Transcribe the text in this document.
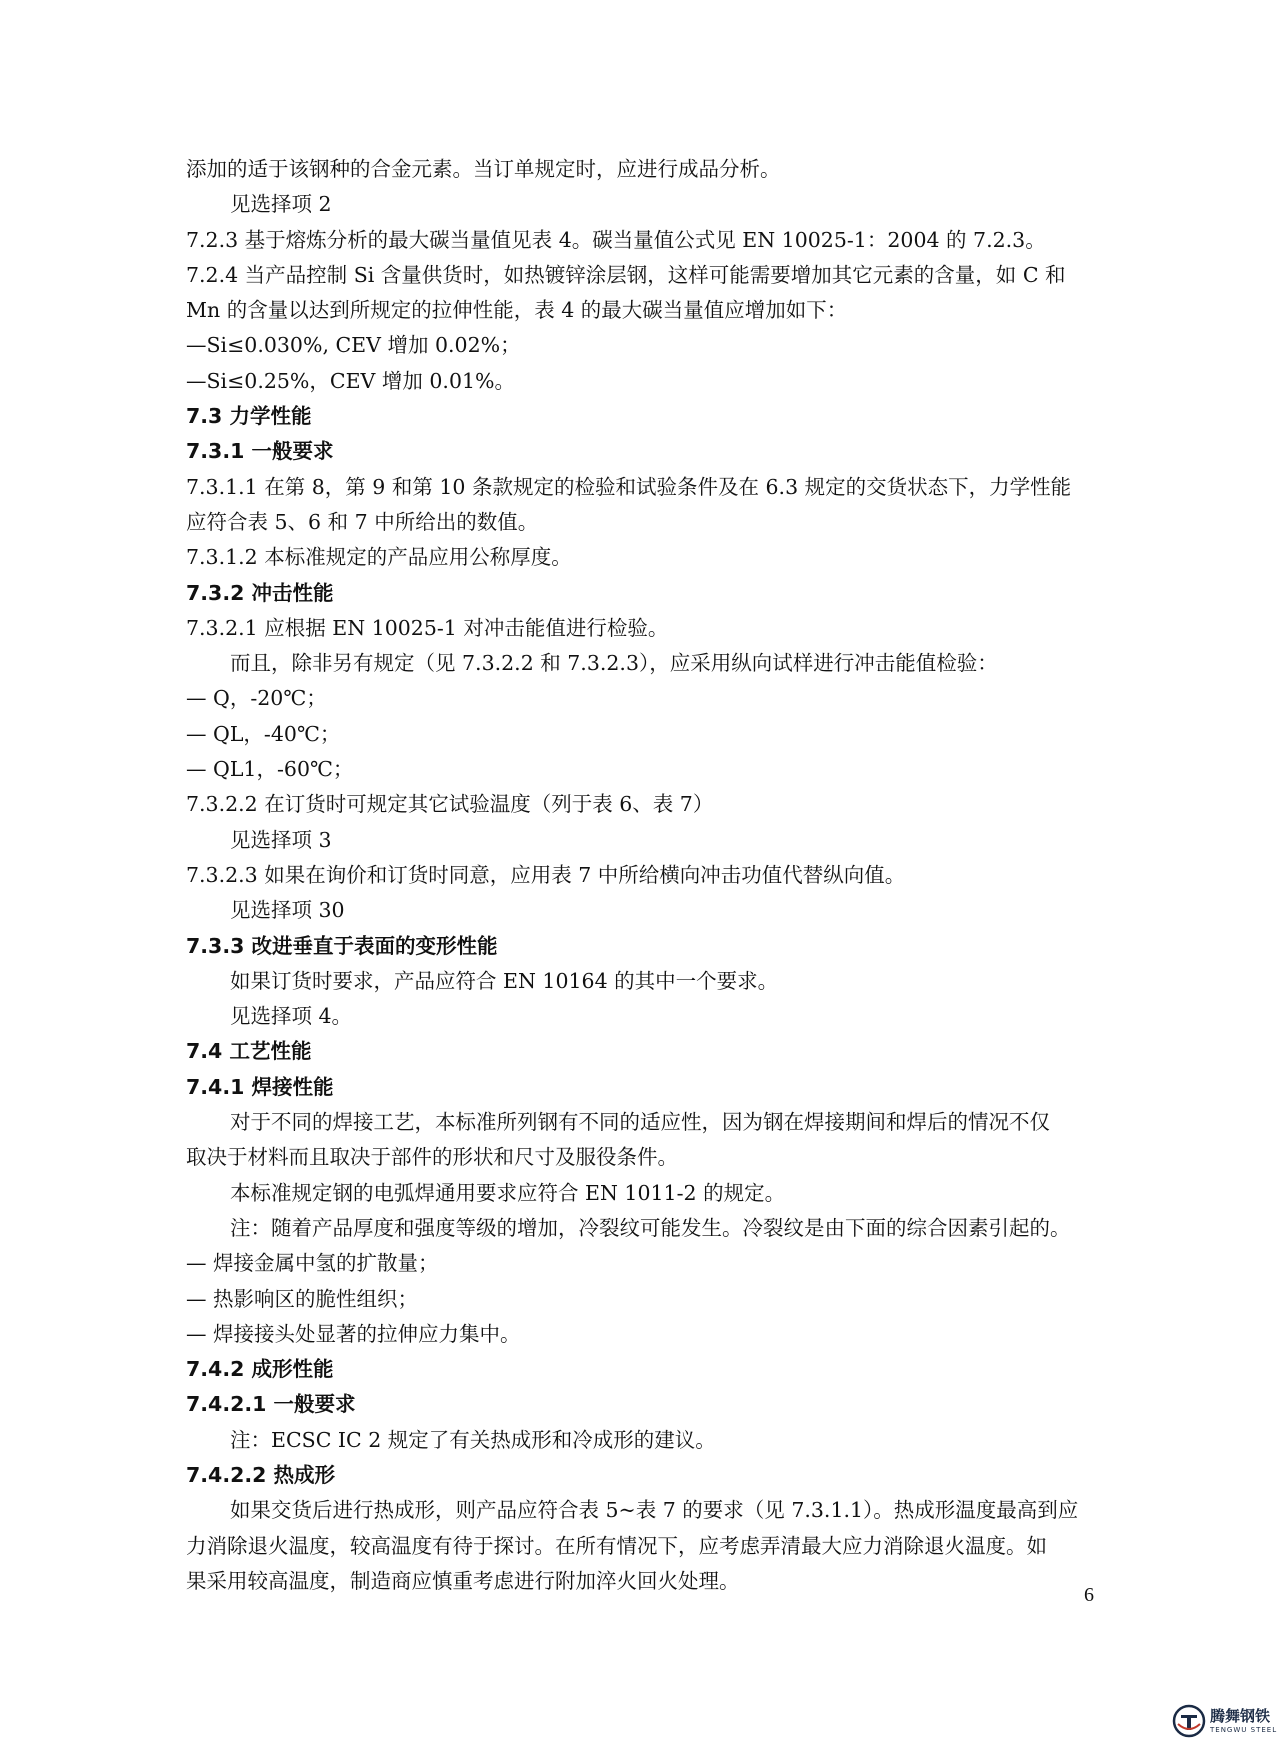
添加的适于该钢种的合金元素。当订单规定时，应进行成品分析。
见选择项 2
7.2.3 基于熔炼分析的最大碳当量值见表 4。碳当量值公式见 EN 10025-1：2004 的 7.2.3。
7.2.4 当产品控制 Si 含量供货时，如热镀锌涂层钢，这样可能需要增加其它元素的含量，如 C 和
Mn 的含量以达到所规定的拉伸性能，表 4 的最大碳当量值应增加如下：
—Si≤0.030%, CEV 增加 0.02%；
—Si≤0.25%，CEV 增加 0.01%。
7.3 力学性能
7.3.1 一般要求
7.3.1.1 在第 8，第 9 和第 10 条款规定的检验和试验条件及在 6.3 规定的交货状态下，力学性能
应符合表 5、6 和 7 中所给出的数值。
7.3.1.2 本标准规定的产品应用公称厚度。
7.3.2 冲击性能
7.3.2.1 应根据 EN 10025-1 对冲击能值进行检验。
而且，除非另有规定（见 7.3.2.2 和 7.3.2.3），应采用纵向试样进行冲击能值检验：
— Q，-20℃；
— QL，-40℃；
— QL1，-60℃；
7.3.2.2 在订货时可规定其它试验温度（列于表 6、表 7）
见选择项 3
7.3.2.3 如果在询价和订货时同意，应用表 7 中所给横向冲击功值代替纵向值。
见选择项 30
7.3.3 改进垂直于表面的变形性能
如果订货时要求，产品应符合 EN 10164 的其中一个要求。
见选择项 4。
7.4 工艺性能
7.4.1 焊接性能
对于不同的焊接工艺，本标准所列钢有不同的适应性，因为钢在焊接期间和焊后的情况不仅
取决于材料而且取决于部件的形状和尺寸及服役条件。
本标准规定钢的电弧焊通用要求应符合 EN 1011-2 的规定。
注：随着产品厚度和强度等级的增加，冷裂纹可能发生。冷裂纹是由下面的综合因素引起的。
— 焊接金属中氢的扩散量；
— 热影响区的脆性组织；
— 焊接接头处显著的拉伸应力集中。
7.4.2 成形性能
7.4.2.1 一般要求
注：ECSC IC 2 规定了有关热成形和冷成形的建议。
7.4.2.2 热成形
如果交货后进行热成形，则产品应符合表 5~表 7 的要求（见 7.3.1.1）。热成形温度最高到应
力消除退火温度，较高温度有待于探讨。在所有情况下，应考虑弄清最大应力消除退火温度。如
果采用较高温度，制造商应慎重考虑进行附加淬火回火处理。
6
腾舞钢铁
TENGWU STEEL
